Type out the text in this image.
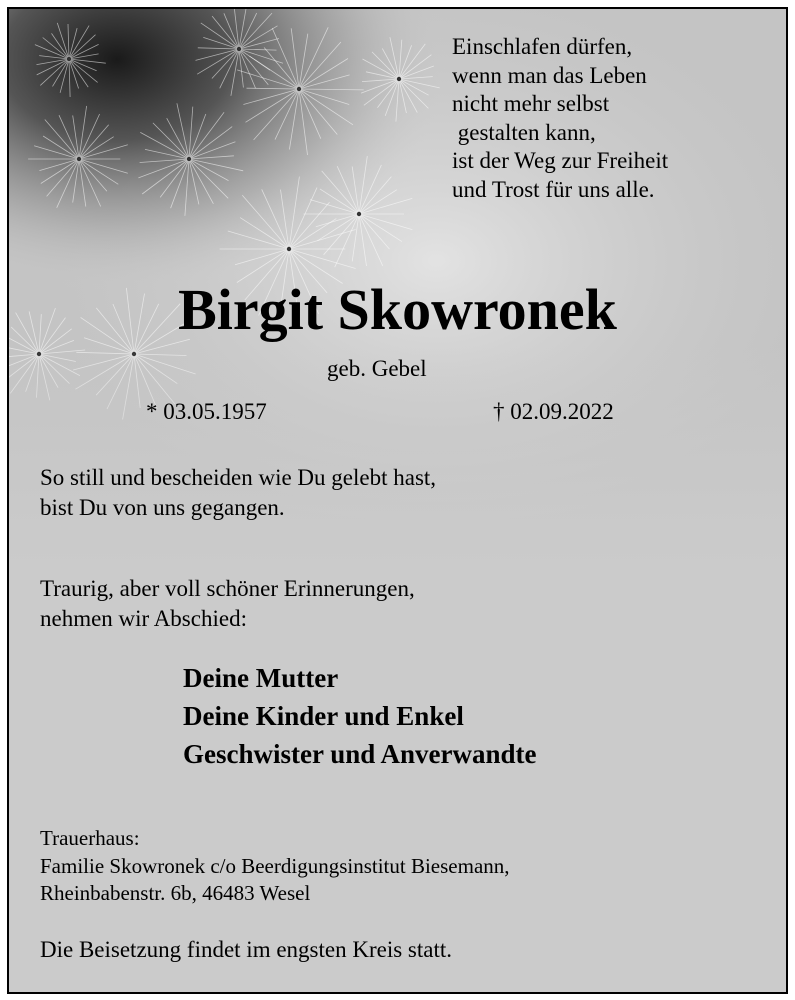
Einschlafen dürfen,
wenn man das Leben
nicht mehr selbst
gestalten kann,
ist der Weg zur Freiheit
und Trost für uns alle.
Birgit Skowronek
geb. Gebel
* 03.05.1957	† 02.09.2022
So still und bescheiden wie Du gelebt hast,
bist Du von uns gegangen.
Traurig, aber voll schöner Erinnerungen,
nehmen wir Abschied:
Deine Mutter
Deine Kinder und Enkel
Geschwister und Anverwandte
Trauerhaus:
Familie Skowronek c/o Beerdigungsinstitut Biesemann,
Rheinbabenstr. 6b, 46483 Wesel
Die Beisetzung findet im engsten Kreis statt.
